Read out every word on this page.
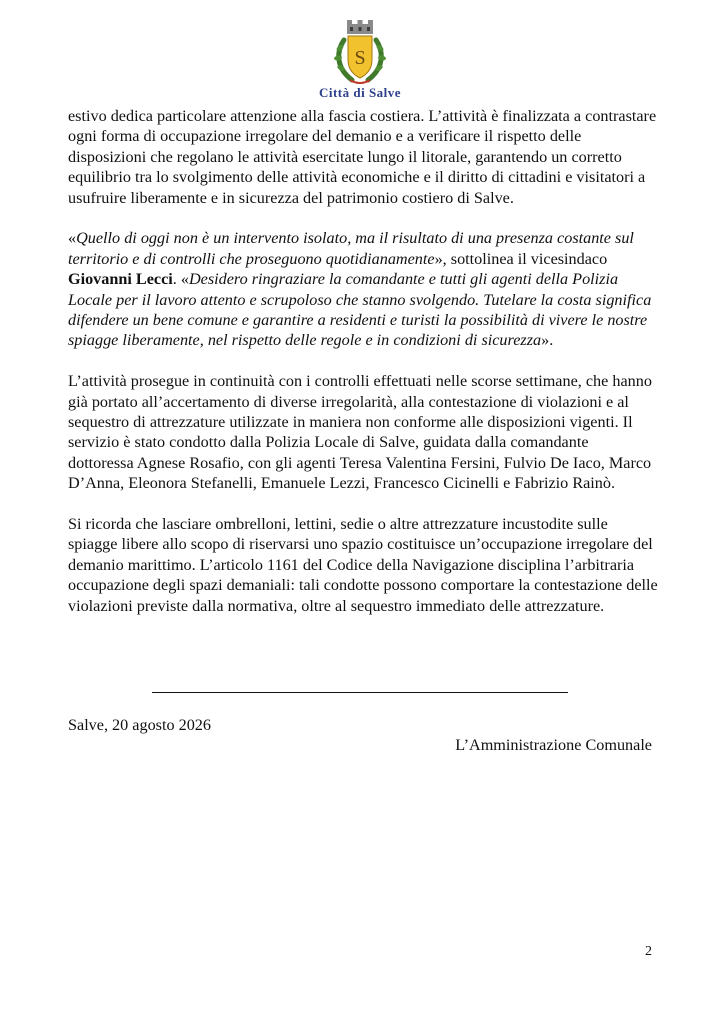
S
Città di Salve

estivo dedica particolare attenzione alla fascia costiera. L’attività è finalizzata a contrastare ogni forma di occupazione irregolare del demanio e a verificare il rispetto delle disposizioni che regolano le attività esercitate lungo il litorale, garantendo un corretto equilibrio tra lo svolgimento delle attività economiche e il diritto di cittadini e visitatori a usufruire liberamente e in sicurezza del patrimonio costiero di Salve.

«Quello di oggi non è un intervento isolato, ma il risultato di una presenza costante sul territorio e di controlli che proseguono quotidianamente», sottolinea il vicesindaco Giovanni Lecci. «Desidero ringraziare la comandante e tutti gli agenti della Polizia Locale per il lavoro attento e scrupoloso che stanno svolgendo. Tutelare la costa significa difendere un bene comune e garantire a residenti e turisti la possibilità di vivere le nostre spiagge liberamente, nel rispetto delle regole e in condizioni di sicurezza».

L’attività prosegue in continuità con i controlli effettuati nelle scorse settimane, che hanno già portato all’accertamento di diverse irregolarità, alla contestazione di violazioni e al sequestro di attrezzature utilizzate in maniera non conforme alle disposizioni vigenti. Il servizio è stato condotto dalla Polizia Locale di Salve, guidata dalla comandante dottoressa Agnese Rosafio, con gli agenti Teresa Valentina Fersini, Fulvio De Iaco, Marco D’Anna, Eleonora Stefanelli, Emanuele Lezzi, Francesco Cicinelli e Fabrizio Rainò.

Si ricorda che lasciare ombrelloni, lettini, sedie o altre attrezzature incustodite sulle spiagge libere allo scopo di riservarsi uno spazio costituisce un’occupazione irregolare del demanio marittimo. L’articolo 1161 del Codice della Navigazione disciplina l’arbitraria occupazione degli spazi demaniali: tali condotte possono comportare la contestazione delle violazioni previste dalla normativa, oltre al sequestro immediato delle attrezzature.

Salve, 20 agosto 2026
L’Amministrazione Comunale
2
